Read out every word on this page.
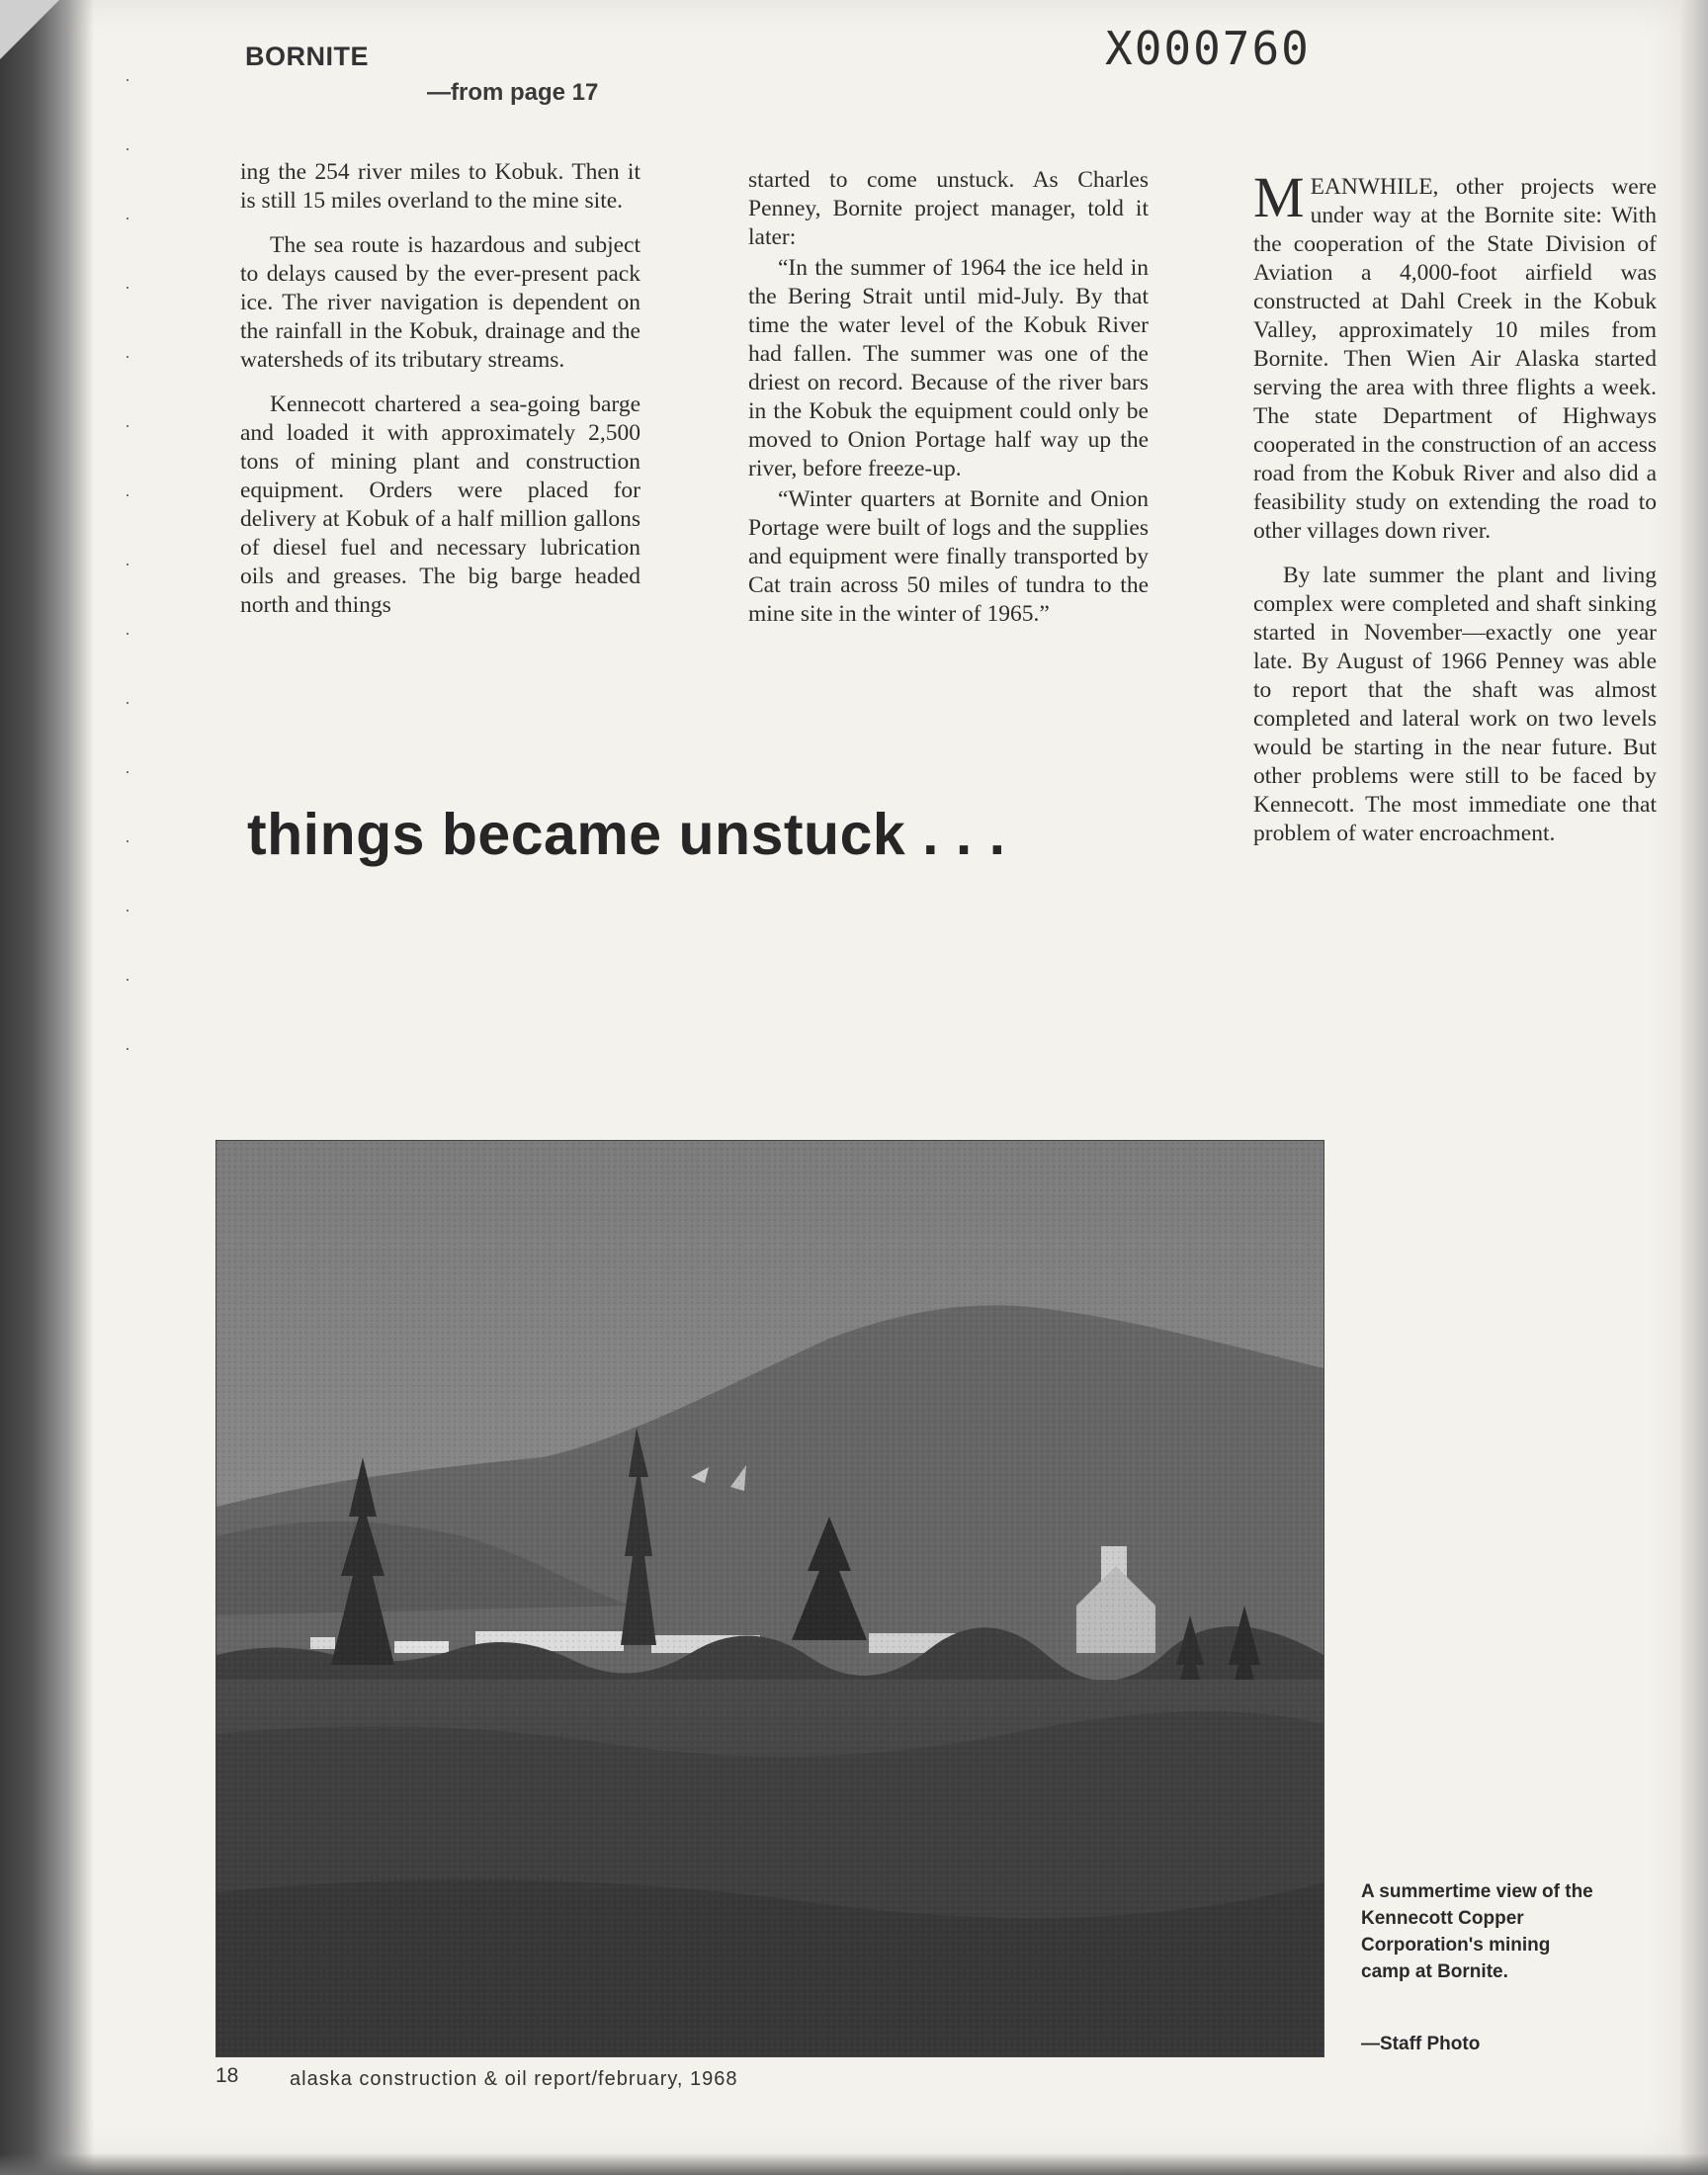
BORNITE
—from page 17
X000760

ing the 254 river miles to Kobuk. Then it is still 15 miles overland to the mine site.

The sea route is hazardous and subject to delays caused by the ever-present pack ice. The river navigation is dependent on the rainfall in the Kobuk, drainage and the watersheds of its tributary streams.

Kennecott chartered a sea-going barge and loaded it with approximately 2,500 tons of mining plant and construction equipment. Orders were placed for delivery at Kobuk of a half million gallons of diesel fuel and necessary lubrication oils and greases. The big barge headed north and things

started to come unstuck. As Charles Penney, Bornite project manager, told it later:

“In the summer of 1964 the ice held in the Bering Strait until mid-July. By that time the water level of the Kobuk River had fallen. The summer was one of the driest on record. Because of the river bars in the Kobuk the equipment could only be moved to Onion Portage half way up the river, before freeze-up.

“Winter quarters at Bornite and Onion Portage were built of logs and the supplies and equipment were finally transported by Cat train across 50 miles of tundra to the mine site in the winter of 1965.”

MEANWHILE, other projects were under way at the Bornite site: With the cooperation of the State Division of Aviation a 4,000-foot airfield was constructed at Dahl Creek in the Kobuk Valley, approximately 10 miles from Bornite. Then Wien Air Alaska started serving the area with three flights a week. The state Department of Highways cooperated in the construction of an access road from the Kobuk River and also did a feasibility study on extending the road to other villages down river.

By late summer the plant and living complex were completed and shaft sinking started in November—exactly one year late. By August of 1966 Penney was able to report that the shaft was almost completed and lateral work on two levels would be starting in the near future. But other problems were still to be faced by Kennecott. The most immediate one that problem of water encroachment.

things became unstuck . . .
A summertime view of the Kennecott Copper Corporation's mining camp at Bornite.
—Staff Photo
18	alaska construction & oil report/february, 1968
